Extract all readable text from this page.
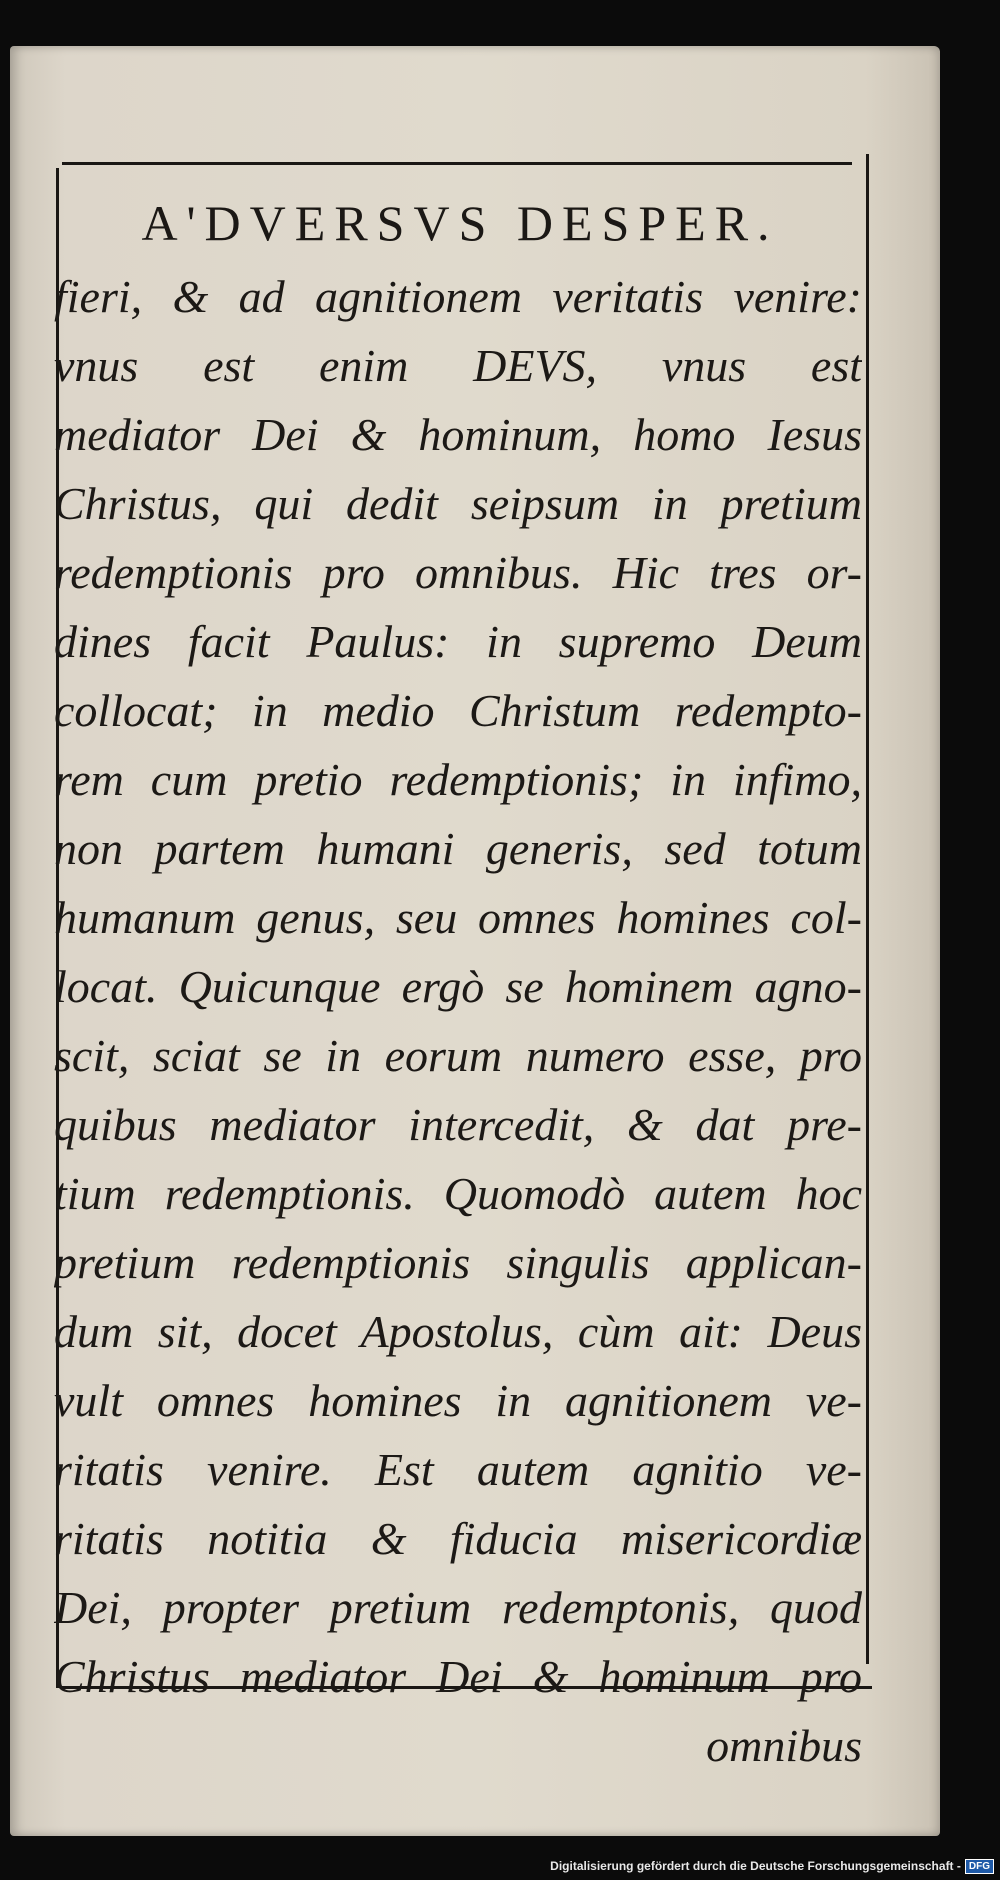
A'DVERSVS DESPER.
fieri, & ad agnitionem veritatis venire:
vnus est enim DEVS, vnus est
mediator Dei & hominum, homo Iesus
Christus, qui dedit seipsum in pretium
redemptionis pro omnibus. Hic tres or-
dines facit Paulus: in supremo Deum
collocat; in medio Christum redempto-
rem cum pretio redemptionis; in infimo,
non partem humani generis, sed totum
humanum genus, seu omnes homines col-
locat. Quicunque ergò se hominem agno-
scit, sciat se in eorum numero esse, pro
quibus mediator intercedit, & dat pre-
tium redemptionis. Quomodò autem hoc
pretium redemptionis singulis applican-
dum sit, docet Apostolus, cùm ait: Deus
vult omnes homines in agnitionem ve-
ritatis venire. Est autem agnitio ve-
ritatis notitia & fiducia misericordiæ
Dei, propter pretium redemptonis, quod
Christus mediator Dei & hominum pro
omnibus
Digitalisierung gefördert durch die Deutsche Forschungsgemeinschaft - DFG
